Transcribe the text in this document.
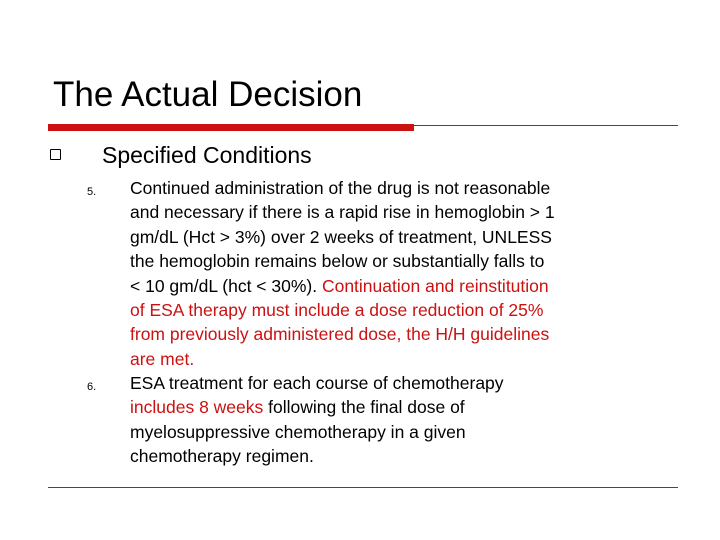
The Actual Decision
Specified Conditions
5. Continued administration of the drug is not reasonable
and necessary if there is a rapid rise in hemoglobin > 1
gm/dL (Hct > 3%) over 2 weeks of treatment, UNLESS
the hemoglobin remains below or substantially falls to
< 10 gm/dL (hct < 30%). Continuation and reinstitution
of ESA therapy must include a dose reduction of 25%
from previously administered dose, the H/H guidelines
are met.
6. ESA treatment for each course of chemotherapy
includes 8 weeks following the final dose of
myelosuppressive chemotherapy in a given
chemotherapy regimen.
